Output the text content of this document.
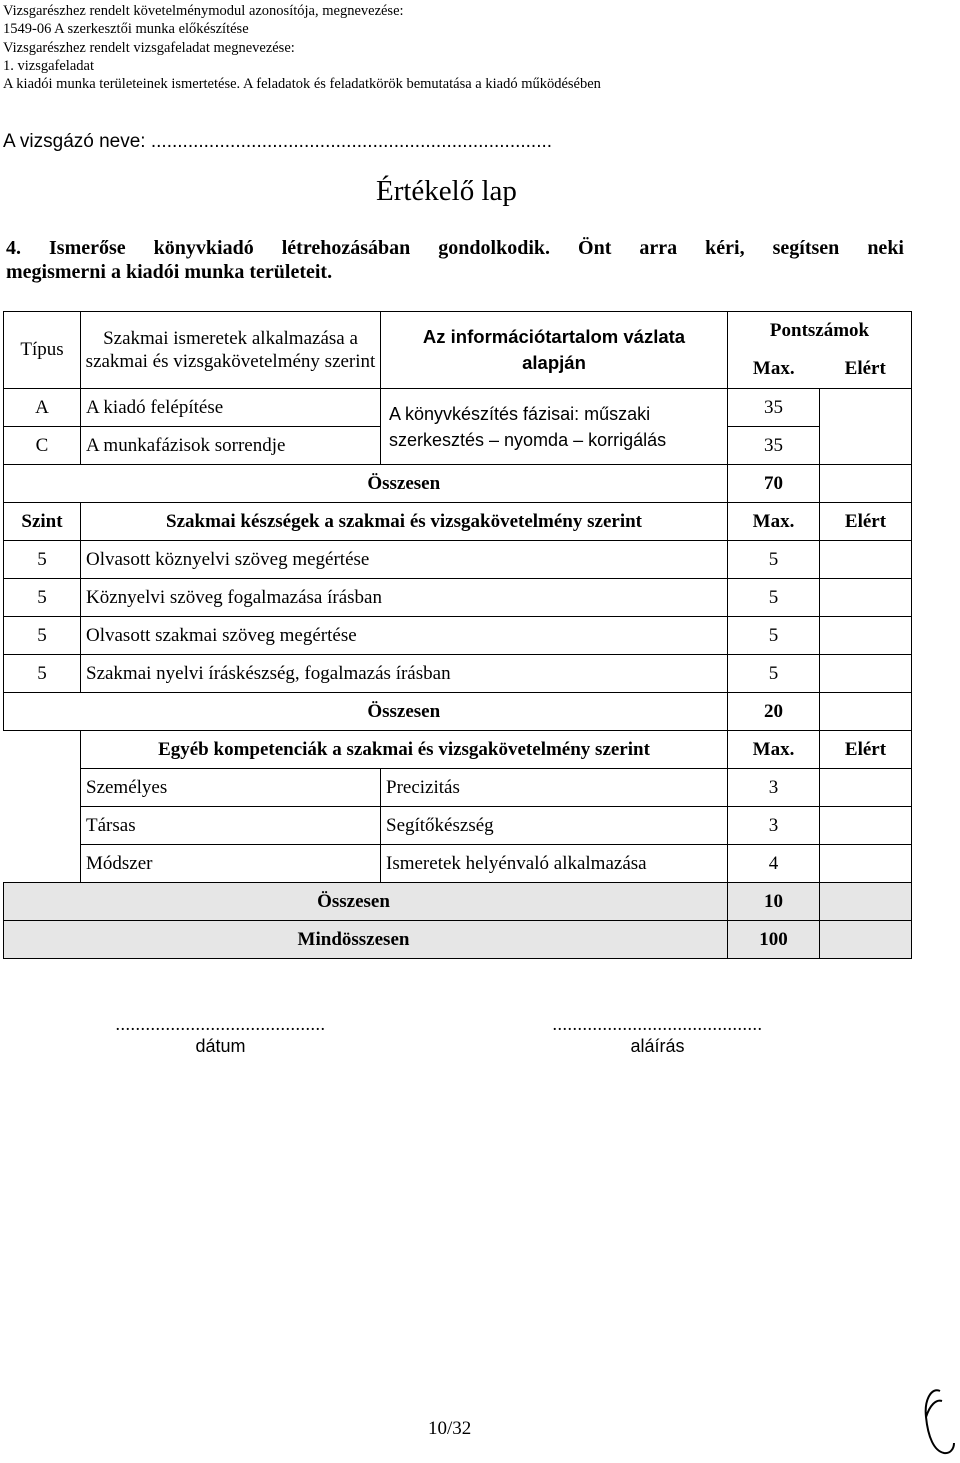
Vizsgarészhez rendelt követelménymodul azonosítója, megnevezése:
1549-06 A szerkesztői munka előkészítése
Vizsgarészhez rendelt vizsgafeladat megnevezése:
1. vizsgafeladat
A kiadói munka területeinek ismertetése. A feladatok és feladatkörök bemutatása a kiadó működésében
A vizsgázó neve: ............................................................................
Értékelő lap
4. Ismerőse könyvkiadó létrehozásában gondolkodik. Önt arra kéri, segítsen neki
megismerni a kiadói munka területeit.
Típus	Szakmai ismeretek alkalmazása a szakmai és vizsgakövetelmény szerint	Az információtartalom vázlata alapján	Pontszámok	
			Max.	Elért
A	A kiadó felépítése	A könyvkészítés fázisai: műszaki szerkesztés – nyomda – korrigálás	35	
C	A munkafázisok sorrendje		35	
	Összesen		70	
Szint	Szakmai készségek a szakmai és vizsgakövetelmény szerint		Max.	Elért
5	Olvasott köznyelvi szöveg megértése		5	
5	Köznyelvi szöveg fogalmazása írásban		5	
5	Olvasott szakmai szöveg megértése		5	
5	Szakmai nyelvi íráskészség, fogalmazás írásban		5	
	Összesen		20	
	Egyéb kompetenciák a szakmai és vizsgakövetelmény szerint		Max.	Elért
	Személyes	Precizitás	3	
	Társas	Segítőkészség	3	
	Módszer	Ismeretek helyénvaló alkalmazása	4	
Összesen			10	
Mindösszesen			100	
..........................................
dátum
..........................................
aláírás
10/32
